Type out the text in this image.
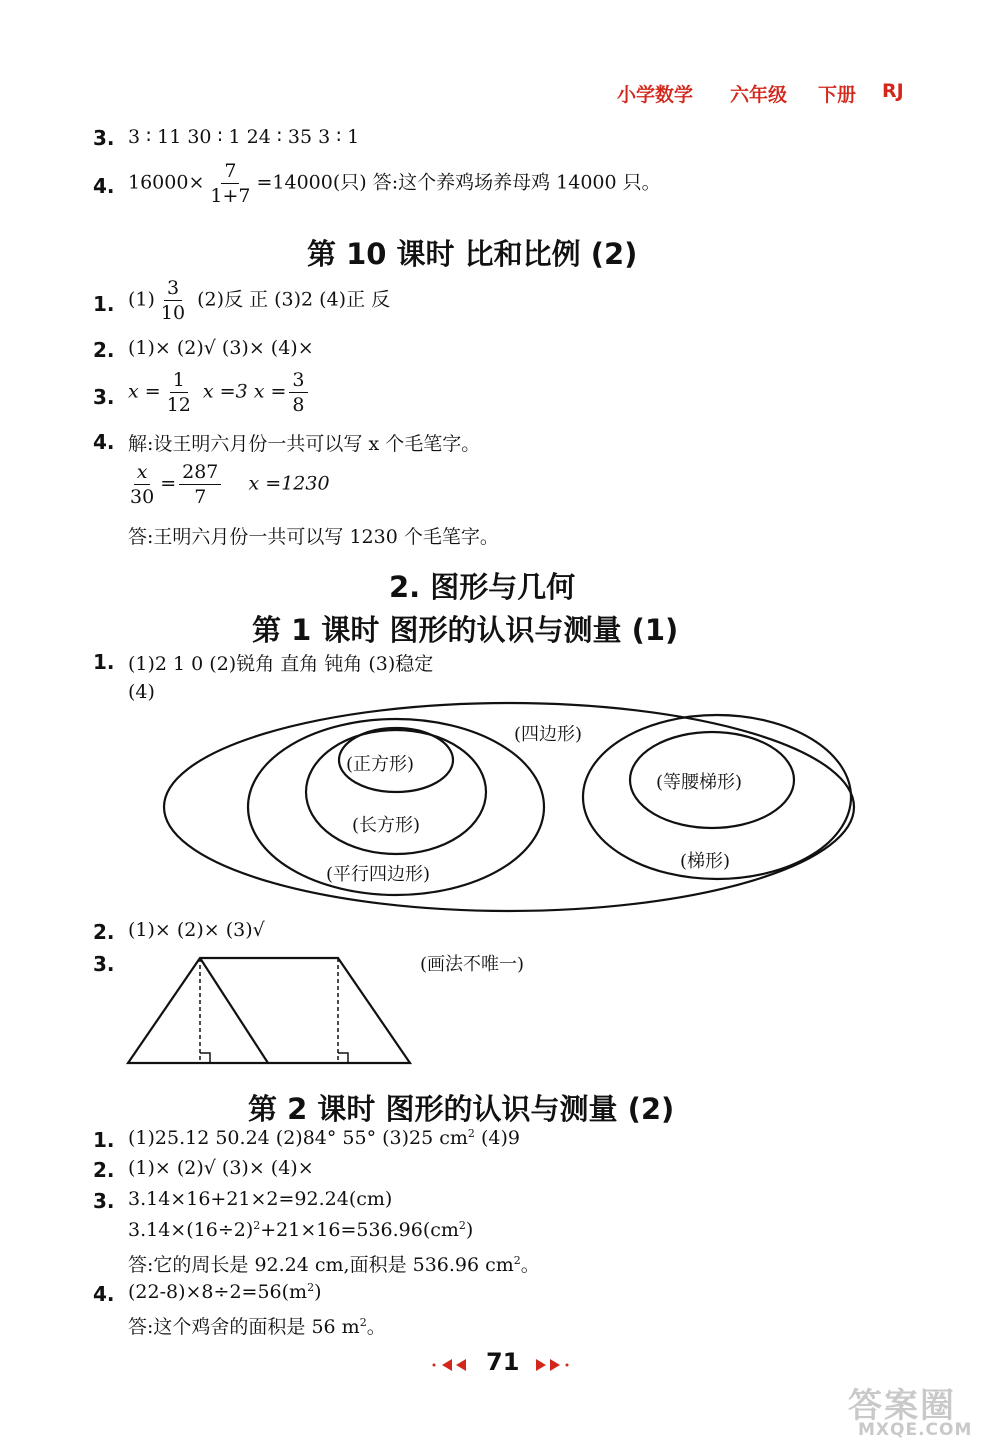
小学数学 六年级 下册 RJ
3. 3 ∶ 11 30 ∶ 1 24 ∶ 35 3 ∶ 1
4. $16000\times \frac{7}{1+7} =14000$(只) 答:这个养鸡场养母鸡 14000 只。
第 10 课时 比和比例 (2)
1. $(1) \frac{3}{10} (2)$反 正 (3)2 (4)正 反
2. (1)× (2)√ (3)× (4)×
3. $x = \frac{1}{12}$ x =3 $x = \frac{3}{8}$
4. 解:设王明六月份一共可以写 x 个毛笔字。
$\frac{x}{30} = \frac{287}{7}$ x =1230
答:王明六月份一共可以写 1230 个毛笔字。
2. 图形与几何
第 1 课时 图形的认识与测量 (1)
1. (1)2 1 0 (2)锐角 直角 钝角 (3)稳定
(4)
(四边形)
(正方形)
(长方形)
(平行四边形)
(等腰梯形)
(梯形)
2. (1)× (2)× (3)√
3.	(画法不唯一)
第 2 课时 图形的认识与测量 (2)
1. (1)25.12 50.24 (2)84° 55° (3)25 $cm^2$ (4)9
2. (1)× (2)√ (3)× (4)×
3. 3.14×16+21×2=92.24(cm)
$3.14\times(16\div 2)^2+21\times 16=536.96(cm^2)$
答:它的周长是 92.24 cm,面积是 536.96 $cm^2$。
4. $(22-8)\times 8\div 2=56(m^2)$
答:这个鸡舍的面积是 56 $m^2$。
71
答案圈
MXQE.COM
